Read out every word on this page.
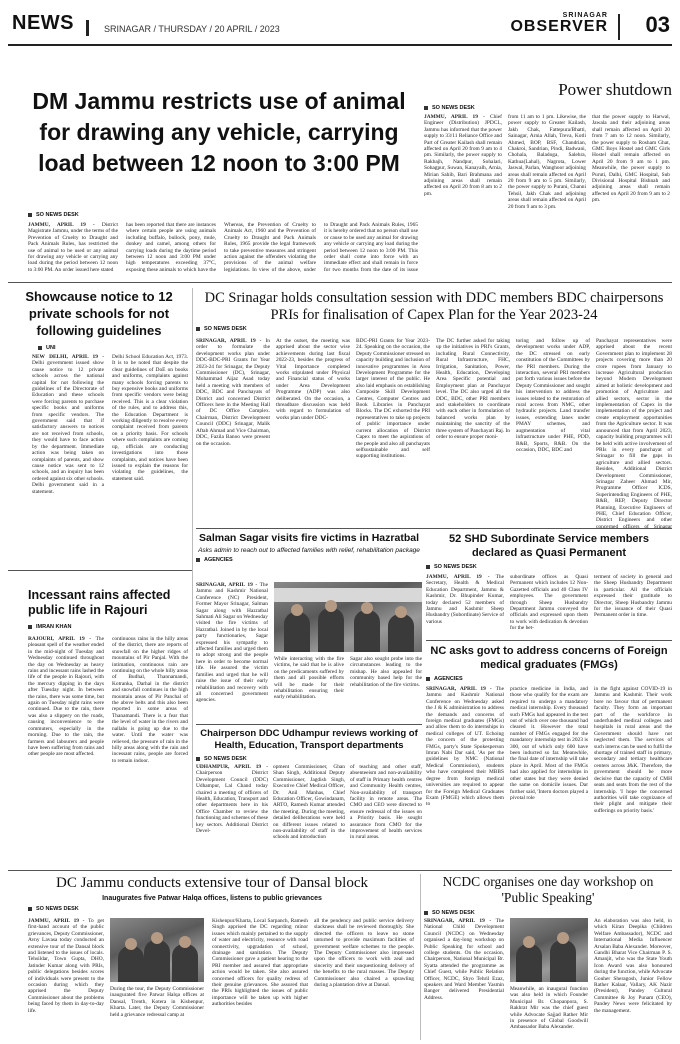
NEWS	SRINAGAR / THURSDAY / 20 APRIL / 2023
SRINAGAR
OBSERVER 03
DM Jammu restricts use of animal for drawing any vehicle, carrying load between 12 noon to 3:00 PM
SO NEWS DESK
JAMMU, APRIL 19 - District Magistrate Jammu, under the terms of the Prevention of Cruelty to Draught and Pack Animals Rules, has restricted the use of animal to be used or any animal for drawing any vehicle or carrying any load during the period between 12 noon to 3:00 PM. An order issued here stated
has been reported that there are instances where certain people are using animals including buffalo, bullock, pony, mule, donkey and camel, among others for carrying loads during the daytime period between 12 noon and 3:00 PM under high temperatures exceeding 37°C, exposing these animals to which have the
Whereas, the Prevention of Cruelty to Animals Act, 1960 and the Prevention of Cruelty to Draught and Pack Animals Rules, 1965 provide the legal framework to take preventive measures and stringent action against the offenders violating the provisions of the animal welfare legislations. In view of the above, under
to Draught and Pack Animals Rules, 1965 it is hereby ordered that no person shall use or cause to be used any animal for drawing any vehicle or carrying any load during the period between 12 noon to 3:00 PM. This order shall come into force with an immediate effect and shall remain in force for two months from the date of its issue
Power shutdown
SO NEWS DESK
JAMMU, APRIL 19 - Chief Engineer (Distribution) JPDCL, Jammu has informed that the power supply to 33/11 Reliance Office and Part of Greater Kailash shall remain affected on April 20 from 9 am to 4 pm. Similarly, the power supply to Rakbajh, Nandpur, Sohalari, Sohagpur, Suwan, Kanayalh, Arnia, Mirian Sahib, Bari Brahmana and adjoining areas shall remain affected on April 20 from 8 am to 2 pm.
from 11 am to 1 pm. Likewise, the power supply to Greater Kailash, Jakh Chak, Fattepura/Bhatti, Sainagar, Arnia Allah, Treva, Kotli Ahmed, BOP, BSF, Chandrian, Chakroi, Sandrian, Pindi, Badwani, Chohala, Baladoga, Salehra, Kathua(Lahal), Nagrota, Lower Jaswal, Parlan, Wanghoor adjoining areas shall remain affected on April 20 from 9 am to 5 pm. Similarly, the power supply to Purani, Channi Tehsil, Jakh Chak and adjoining areas shall remain affected on April 20 from 9 am to 3 pm.
that the power supply to Harwal, Jawala and their adjoining areas shall remain affected on April 20 from 7 am to 12 noon. Similarly, the power supply to Rosham Ghat, GMC Boys Hostel and GMC Girls Hostel shall remain affected on April 20 from 9 am to 1 pm. Meanwhile, the power supply to Puruti, Dalhi, GMC Hospital, Sub Divisional Hospital Bishnah and adjoining areas shall remain affected on April 20 from 9 am to 2 pm.
Showcause notice to 12 private schools for not following guidelines
UNI
NEW DELHI, APRIL 19 - Delhi government issued show cause notice to 12 private schools across the national capital for not following the guidelines of the Directorate of Education and these schools were forcing parents to purchase specific books and uniforms from specific vendors. The government said that if satisfactory answers to notices are not received from schools, they would have to face action by the department. Immediate action was being taken on complaints of parents, and show cause notice was sent to 12 schools, and an inquiry has been ordered against six other schools. Delhi government said in a statement.
Delhi School Education Act, 1973. It is to be noted that despite the clear guidelines of DoE on books and uniforms, complaints against many schools forcing parents to buy expensive books and uniforms from specific vendors were being received. This is a clear violation of the rules, and to address this, the Education Department is working diligently to resolve every complaint received from parents on a priority basis. For schools where such complaints are coming up, officials are conducting investigations into those complaints, and notices have been issued to explain the reasons for violating the guidelines, the statement said.
DC Srinagar holds consultation session with DDC members BDC chairpersons PRIs for finalisation of Capex Plan for the Year 2023-24
SO NEWS DESK
SRINAGAR, APRIL 19 - In order to formulate the development works plan under DDC-BDC-PRI Grants for Year 2023-24 for Srinagar, the Deputy Commissioner (DC), Srinagar, Mohammad Aijaz Asad today held a meeting with members of DDC, BDC and Panchayats of District and concerned District Officers here in the Meeting Hall of DC Office Complex. Chairman, District Development Council (DDC) Srinagar, Malik Aftab Ahmad and Vice Chairman, DDC, Fazila Banoo were present on the occasion.
At the outset, the meeting was apprised about the sector wise achievements during last fiscal 2022-23, besides the progress of Vital Importance completed works stipulated under Physical and Financial status of works under Area Development Programme (ADP) was also deliberated. On the occasion, a threadbare discussion was held with regard to formulation of works plan under DDC-
BDC-PRI Grants for Year 2023-24. Speaking on the occasion, the Deputy Commissioner stressed on capacity building and inclusion of innovative programmes in Area Development Programme for the larger interest of the public. He also laid emphasis on establishing Composite Skill Development Centres, Computer Centres and Book Libraries in Panchayat Blocks. The DC exhorted the PRI representatives to take up projects of public importance under current allocation of District Capex to meet the aspirations of the people and also all panchayats selfsustainable and self supporting institutions.
The DC further asked for taking up the initiatives in PRI's Grants, including Rural Connectivity, Rural Infrastructure, FHC, Irrigation, Sanitation, Power, Health, Education, Developing Area Specific potential and Employment plan at Panchayat level. The DC also urged all the DDC, BDC, other PRI members and stakeholders to coordinate with each other in formulation of balanced works plan by maintaining the sanctity of the three system of Panchayati Raj. In order to ensure proper moni-
toring and follow up of development works under ADP, the DC stressed on early constitution of the Committees by the PRI members. During the interaction, several PRI members put forth various issues before the Deputy Commissioner and sought his intervention to address the issues related to the restoration of rural access from NMC, other hydraulic projects. Land transfer issues, extending lanes under PMAY schemes, and augmentation of vital infrastructure under PHE, PDD, R&B, Sports, R&B. On the occasion, DDC, BDC and
Panchayat representatives were apprised about the recent Government plan to implement 28 projects covering more than 20 crore rupees from January to increase Agricultural production beyond Modern Development aimed at holistic development and promotion of Agriculture and allied sectors, sector in the implementation of Capex in the implementation of the project and create employment opportunities from the Agriculture sector. It was announced that from April 2023, capacity building programmes will be held with active involvement of PRIs in every panchayat of Srinagar to fill the gaps in agriculture and allied sectors. Besides, Additional District Development Commissioner, Srinagar Zaheer Ahmad Mir, Programme Officer ICDS, Superintending Engineers of PHE, R&B, REP, Deputy Director Planning, Executive Engineers of PHE, Chief Education Officer, District Engineers and other concerned officers of Srinagar
Salman Sagar visits fire victims in Hazratbal
Asks admin to reach out to affected families with relief, rehabilitation package
AGENCIES
SRINAGAR, APRIL 19 - The Jammu and Kashmir National Conference (NC) President, Former Mayor Srinagar, Salman Sagar along with Hazratbal Sahmati Ali Sagar on Wednesday visited the fire victims of Hazratbal. Joined in by the local party functionaries, Sagar expressed his sympathy to affected families and urged them to adopt strong and the people here in order to become normal life. He assured the victim families and urged that he will raise the issue of their early rehabilitation and recovery with all concerned government agencies.
While interacting with the fire victims, he said that he is alive on the predicaments suffered by them and all possible efforts will be made for their rehabilitation ensuring their early rehabilitation.
Sagar also sought probe into the circumstances leading to the mishap. He also appealed for community based help for the rehabilitation of the fire victims.
52 SHD Subordinate Service members declared as Quasi Permanent
SO NEWS DESK
JAMMU, APRIL 19 - The Secretary, Health & Medical Education Department, Jammu & Kashmir, Dr. Bhupinder Kumar, today declared 52 members of Jammu and Kashmir Sheep Husbandry (Subordinate) Service of various
subordinate offices as Quasi Permanent which includes 12 Non-Gazetted officials and 40 Class IV employees. The government through Sheep Husbandry Department Jammu conveyed the officials and expressed upon them to work with dedication & devotion for the bet-
terment of society in general and the Sheep Husbandry Department in particular. All the officials expressed their gratitude to Director, Sheep Husbandry Jammu for the issuance of their Quasi Permanent order in time.
Incessant rains affected public life in Rajouri
IMRAN KHAN
RAJOURI, APRIL 19 - The pleasant spell of the weather ended in the mid-night of Tuesday and Wednesday continued throughout the day on Wednesday as heavy rains and incessant rains lashed the life of the people in Rajouri, with the mercury dipping in the days after Tuesday night. In between the rains, there was some time, but again on Tuesday night rains were continued. Due to the rain, there was also a slippery on the roads, causing inconvenience to the commuters, especially in the morning. Due to the rain, the farmers and labourers and people have been suffering from rains and other people are most affected.
continuous rains in the hilly areas of the district, there are reports of snowfall on the higher ridges of mountains of Pir Panjal. With the intimation, continuous rain are continuing on the whole hilly areas of Budhal, Thannamandi, Kotranka, Darhal in the district and snowfall continues in the high mountain areas of Pir Panchal of the above belts and this also been reported in some areas of Thanamandi. There is a fear that the level of water in the rivers and nallahs is going up due to the water. Until the water was relieved, the pressure of rain in the hilly areas along with the rain and incessant rains, people are forced to remain indoor.
NC asks govt to address concerns of Foreign medical graduates (FMGs)
AGENCIES
SRINAGAR, APRIL 19 - The Jammu and Kashmir National Conference on Wednesday asked the J & K administration to address the demands and concerns of foreign medical graduates (FMGs) and allow them to do internships in medical colleges of UT. Echoing the concern of the protesting FMGs, party's State Spokesperson Imran Nabi Dar said, 'As per the guidelines by NMC (National Medical Commission), students who have completed their MBBS degree from foreign medical universities are required to appear for the Foreign Medical Graduates Exam (FMGE) which allows them to
practice medicine in India, and those who qualify for the exam are required to undergo a mandatory medical internship. Every thousand such FMGs had appeared in the test out of which over one thousand had cleared it. However the total number of FMGs engaged for the mandatory internship test in 2023 is 300, out of which only 600 have been inducted so far. Meanwhile, the final date of internship will take place in April. Most of the FMGs had also applied for internships in other states but they were denied the same on domicile issues. Dar further said, 'Intern doctors played a pivotal role
in the fight against COVID-19 in Jammu and Kashmir. Their work bore no favour that of permanent faculty. They form an important part of the workforce in underfunded medical colleges and hospitals in rural areas and the Government should have not neglected them. The services of such interns can be used to fulfil the shortage of trained staff in primary, secondary and tertiary healthcare centers across J&K. Therefore, the government should be more decisive that the capacity of CMH seats and seats from the rest of the internship. 'I hope the concerned authorities will take cognizance of their plight and mitigate their sufferings on priority basis.'
Chairperson DDC Udhampur reviews working of Health, Education, Transport departments
SO NEWS DESK
UDHAMPUR, APRIL 19 - Chairperson District Development Council (DDC) Udhampur, Lal Chand today chaired a meeting of officers of Health, Education, Transport and other departments here in his Office Chamber to review the functioning and schemes of these key sectors. Additional District Devel-
opment Commissioner, Ghan Shan Singh, Additional Deputy Commissioner, Jagdish Singh, Executive Chief Medical Officer, Dr. Anil Manhas, Chief Education Officer, Gowindanam, ARTO, Ramesh Kumar attended the meeting. During the meeting, detailed deliberations were held on different issues related to non-availability of staff in the schools and introduction
of teaching and other staff, absenteeism and non-availability of staff in Primary health centres and Community Health centres, Non-availability of transport facility in remote areas. The CMO and CEO were directed to ensure redressal of the issues on a Priority basis. He sought assurance from CMO for the improvement of health services in rural areas.
DC Jammu conducts extensive tour of Dansal block
Inaugurates five Patwar Halqa offices, listens to public grievances
SO NEWS DESK
JAMMU, APRIL 19 - To get first-hand account of the public grievances, Deputy Commissioner, Avny Lavasa today conducted an extensive tour of the Dansal block and listened to the issues of locals. Tehsildar, Town Gupta, DHO, Jatinder Kumar along with PRIs, public delegations besides scores of individuals were present to the occasion during which they apprised the Deputy Commissioner about the problems being faced by them in day-to-day life.
During the tour, the Deputy Commissioner inaugurated five Patwar Halqa offices at Dansal, Trenth, Kotera in Kishenpur, Kharta. Later, the Deputy Commissioner held a grievance redressal camp at
Kishenpur/Kharta, Local Sarpanch, Ramesh Singh apprised the DC regarding minor issues which mainly pertained to the supply of water and electricity, resource with road connectivity, upgradation of school, drainage and sanitation. The Deputy Commissioner gave a patient hearing to the PRI member and assured that appropriate action would be taken. She also assured concerned officers for quality redress of their genuine grievances. She assured that the PRIs highlighted the issues of public importance will be taken up with higher authorities besides
all the pendency and public service delivery slackness shall be reviewed thoroughly. She directed the officers to leave no stone unturned to provide maximum facilities of government welfare schemes to the people. The Deputy Commissioner also impressed upon the officers to work with zeal and sincerity and their unquestioning delivery of the benefits to the rural masses. The Deputy Commissioner also chaired a sprawling during a plantation drive at Dansal.
NCDC organises one day workshop on 'Public Speaking'
SO NEWS DESK
SRINAGAR, APRIL 19 - The National Child Development Council (NCDC) on Wednesday organised a day-long workshop on Public Speaking for school and college students. On the occasion, Chairperson, National Municipal Br. Syatta attended the programme as Chief Guest, while Public Relation Officer, NCDC, Shyo Tehril Ezaz, speakers and Ward Member Yasmin Banger delivered Presidential Address.
Meanwhile, an inaugural function was also held in which Founder Municipal Br. Chopanpora, S. Rakhrat Mir was the chief guest while Advocate Sajjad Rather Mir in presence of Global Goodwill Ambassador Baba Alexander.
An elaboration was also held, in which Kiran Deepika (Children Welfare Ambassador), NCDC and International Media Influencer Arsalan Baba Alexander. Moreover, Gandhi Bharat Vice Chairman P. S. Amanjit, who was the State Youth Icon Award was also honoured during the function, while Advocate Gouher Sheragosh, Junior Fellow Rather Kalaar, Vallary, AK Nazir (President), Pandey Cultural Committee & Joy Punam (CEO), Pandey News were felicitated by the management.
